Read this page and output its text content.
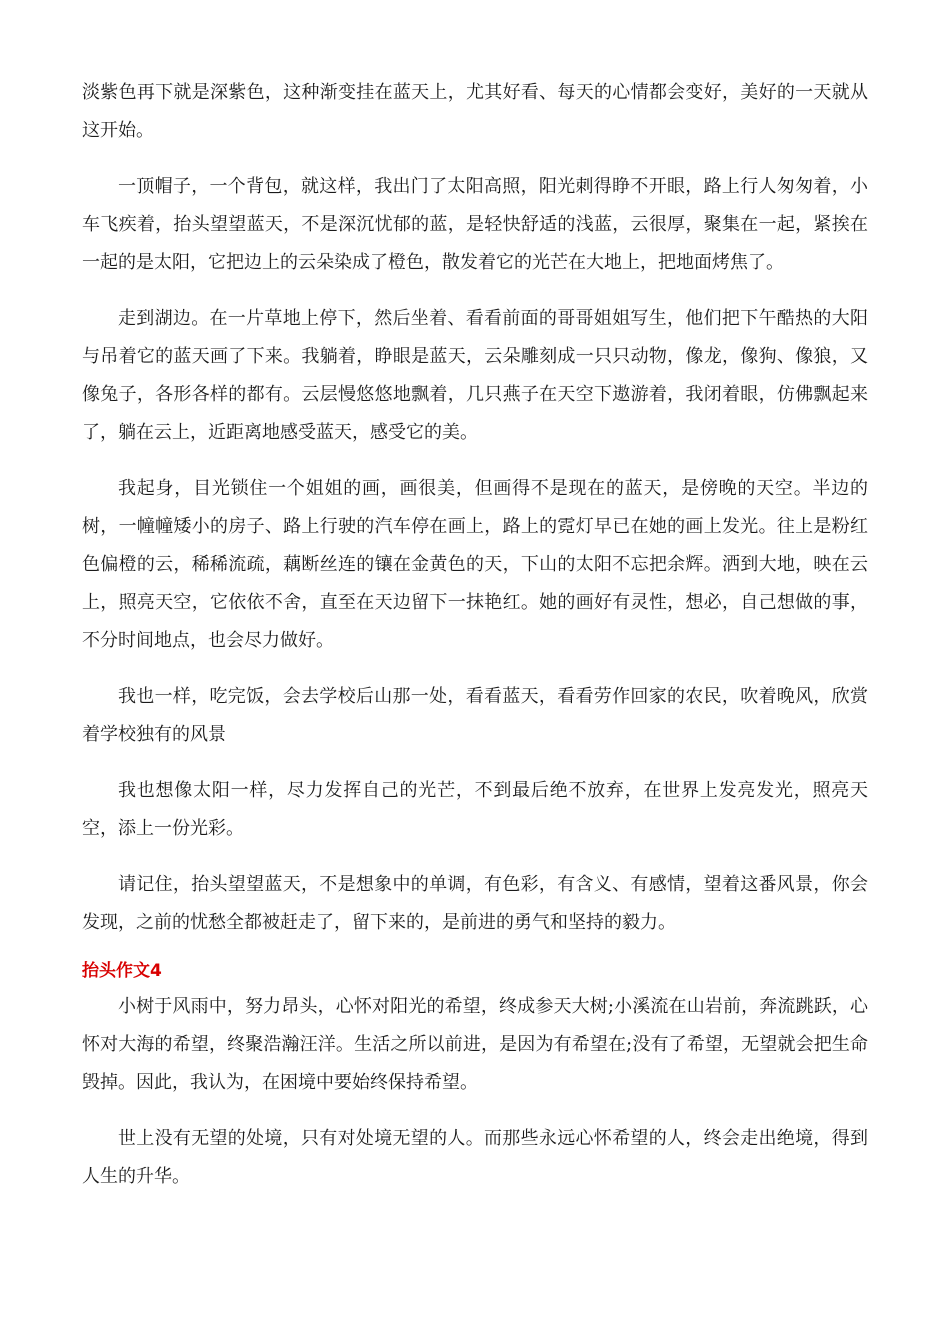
淡紫色再下就是深紫色，这种渐变挂在蓝天上，尤其好看、每天的心情都会变好，美好的一天就从这开始。

一顶帽子，一个背包，就这样，我出门了太阳高照，阳光刺得睁不开眼，路上行人匆匆着，小车飞疾着，抬头望望蓝天，不是深沉忧郁的蓝，是轻快舒适的浅蓝，云很厚，聚集在一起，紧挨在一起的是太阳，它把边上的云朵染成了橙色，散发着它的光芒在大地上，把地面烤焦了。

走到湖边。在一片草地上停下，然后坐着、看看前面的哥哥姐姐写生，他们把下午酷热的大阳与吊着它的蓝天画了下来。我躺着，睁眼是蓝天，云朵雕刻成一只只动物，像龙，像狗、像狼，又像兔子，各形各样的都有。云层慢悠悠地飘着，几只燕子在天空下遨游着，我闭着眼，仿佛飘起来了，躺在云上，近距离地感受蓝天，感受它的美。

我起身，目光锁住一个姐姐的画，画很美，但画得不是现在的蓝天，是傍晚的天空。半边的树，一幢幢矮小的房子、路上行驶的汽车停在画上，路上的霓灯早已在她的画上发光。往上是粉红色偏橙的云，稀稀流疏，藕断丝连的镶在金黄色的天，下山的太阳不忘把余辉。洒到大地，映在云上，照亮天空，它依依不舍，直至在天边留下一抹艳红。她的画好有灵性，想必，自己想做的事，不分时间地点，也会尽力做好。

我也一样，吃完饭，会去学校后山那一处，看看蓝天，看看劳作回家的农民，吹着晚风，欣赏着学校独有的风景

我也想像太阳一样，尽力发挥自己的光芒，不到最后绝不放弃，在世界上发亮发光，照亮天空，添上一份光彩。

请记住，抬头望望蓝天，不是想象中的单调，有色彩，有含义、有感情，望着这番风景，你会发现，之前的忧愁全都被赶走了，留下来的，是前进的勇气和坚持的毅力。

抬头作文4

小树于风雨中，努力昂头，心怀对阳光的希望，终成参天大树;小溪流在山岩前，奔流跳跃，心怀对大海的希望，终聚浩瀚汪洋。生活之所以前进，是因为有希望在;没有了希望，无望就会把生命毁掉。因此，我认为，在困境中要始终保持希望。

世上没有无望的处境，只有对处境无望的人。而那些永远心怀希望的人，终会走出绝境，得到人生的升华。
